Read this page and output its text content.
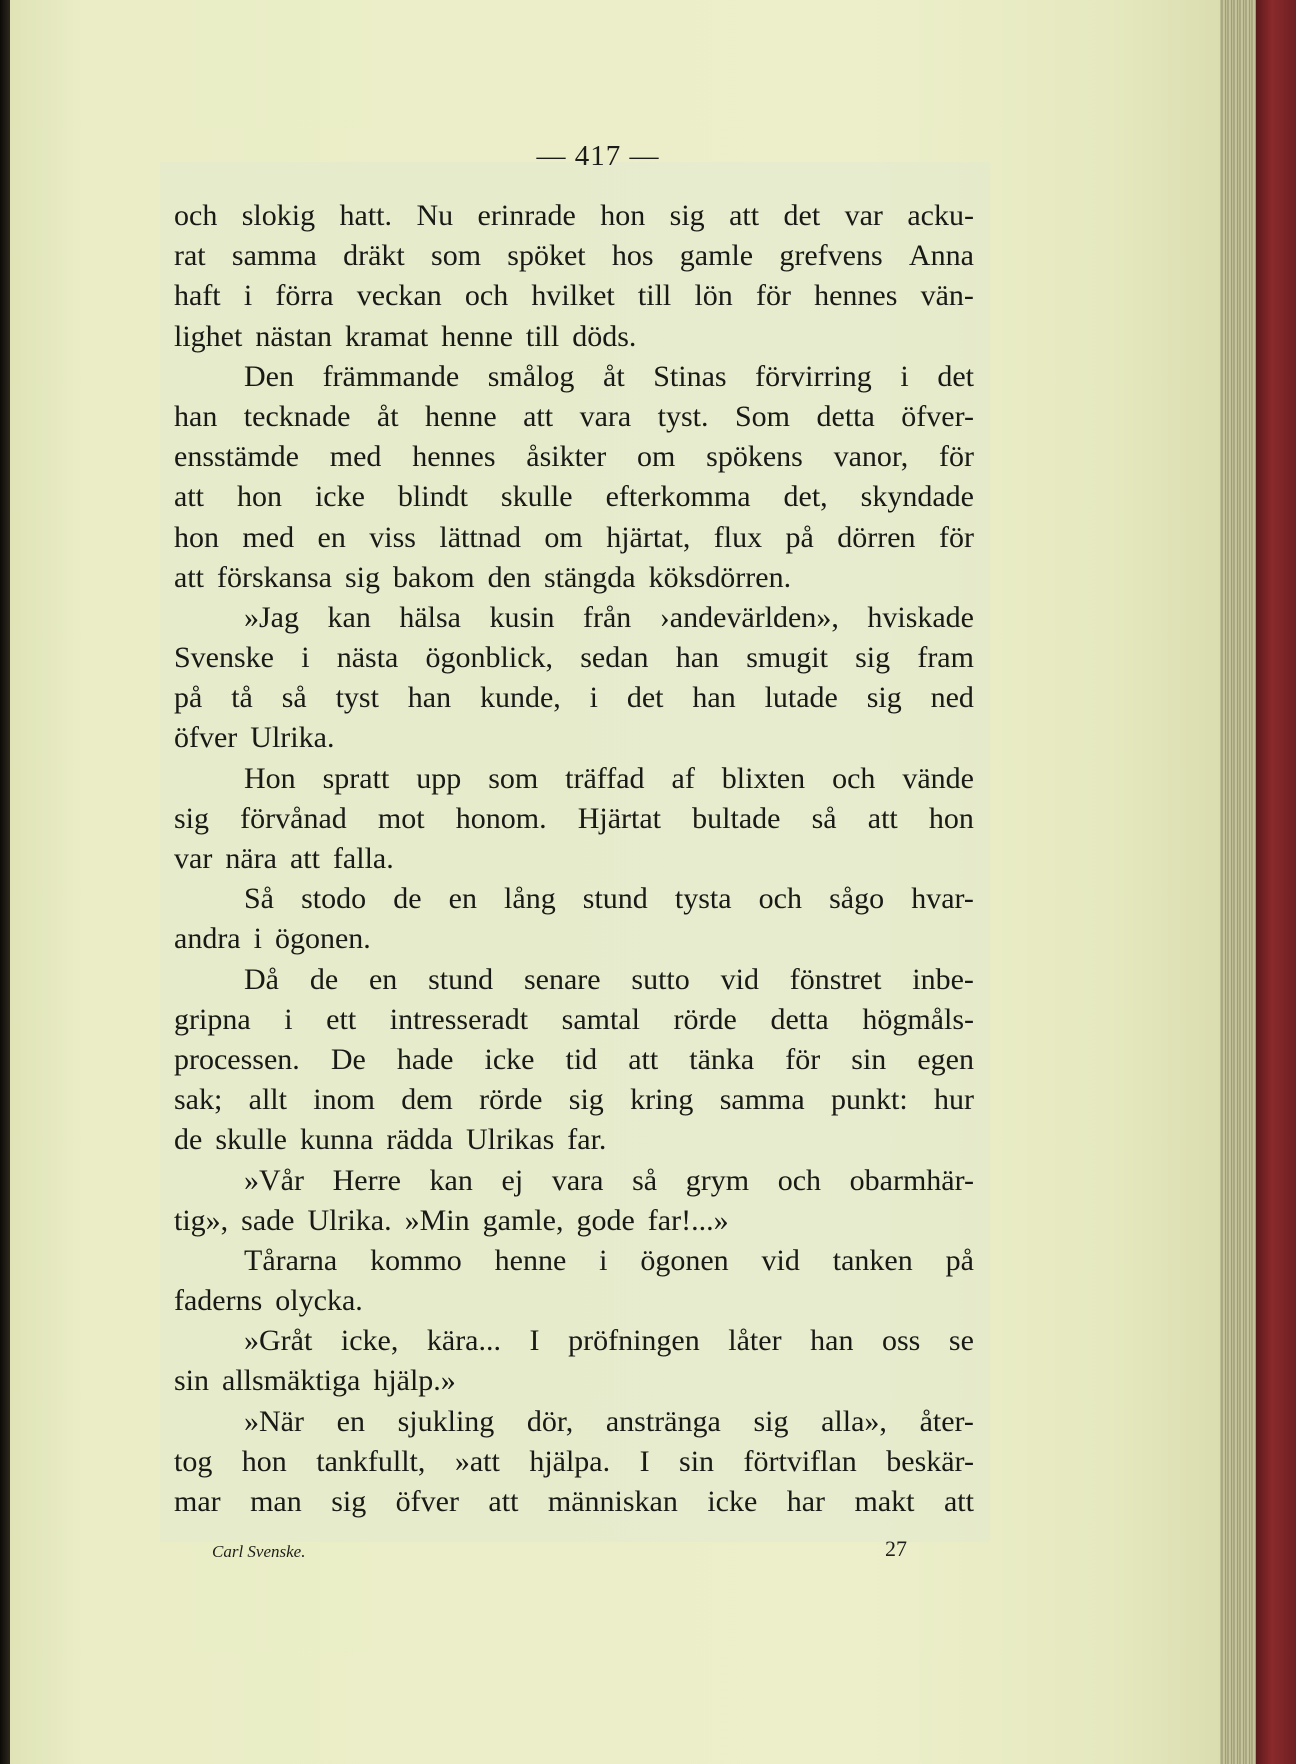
— 417 —
och slokig hatt. Nu erinrade hon sig att det var acku-
rat samma dräkt som spöket hos gamle grefvens Anna
haft i förra veckan och hvilket till lön för hennes vän-
lighet nästan kramat henne till döds.
Den främmande smålog åt Stinas förvirring i det
han tecknade åt henne att vara tyst. Som detta öfver-
ensstämde med hennes åsikter om spökens vanor, för
att hon icke blindt skulle efterkomma det, skyndade
hon med en viss lättnad om hjärtat, flux på dörren för
att förskansa sig bakom den stängda köksdörren.
»Jag kan hälsa kusin från ›andevärlden», hviskade
Svenske i nästa ögonblick, sedan han smugit sig fram
på tå så tyst han kunde, i det han lutade sig ned
öfver Ulrika.
Hon spratt upp som träffad af blixten och vände
sig förvånad mot honom. Hjärtat bultade så att hon
var nära att falla.
Så stodo de en lång stund tysta och sågo hvar-
andra i ögonen.
Då de en stund senare sutto vid fönstret inbe-
gripna i ett intresseradt samtal rörde detta högmåls-
processen. De hade icke tid att tänka för sin egen
sak; allt inom dem rörde sig kring samma punkt: hur
de skulle kunna rädda Ulrikas far.
»Vår Herre kan ej vara så grym och obarmhär-
tig», sade Ulrika. »Min gamle, gode far!...»
Tårarna kommo henne i ögonen vid tanken på
faderns olycka.
»Gråt icke, kära... I pröfningen låter han oss se
sin allsmäktiga hjälp.»
»När en sjukling dör, anstränga sig alla», åter-
tog hon tankfullt, »att hjälpa. I sin förtviflan beskär-
mar man sig öfver att människan icke har makt att
Carl Svenske.	27
